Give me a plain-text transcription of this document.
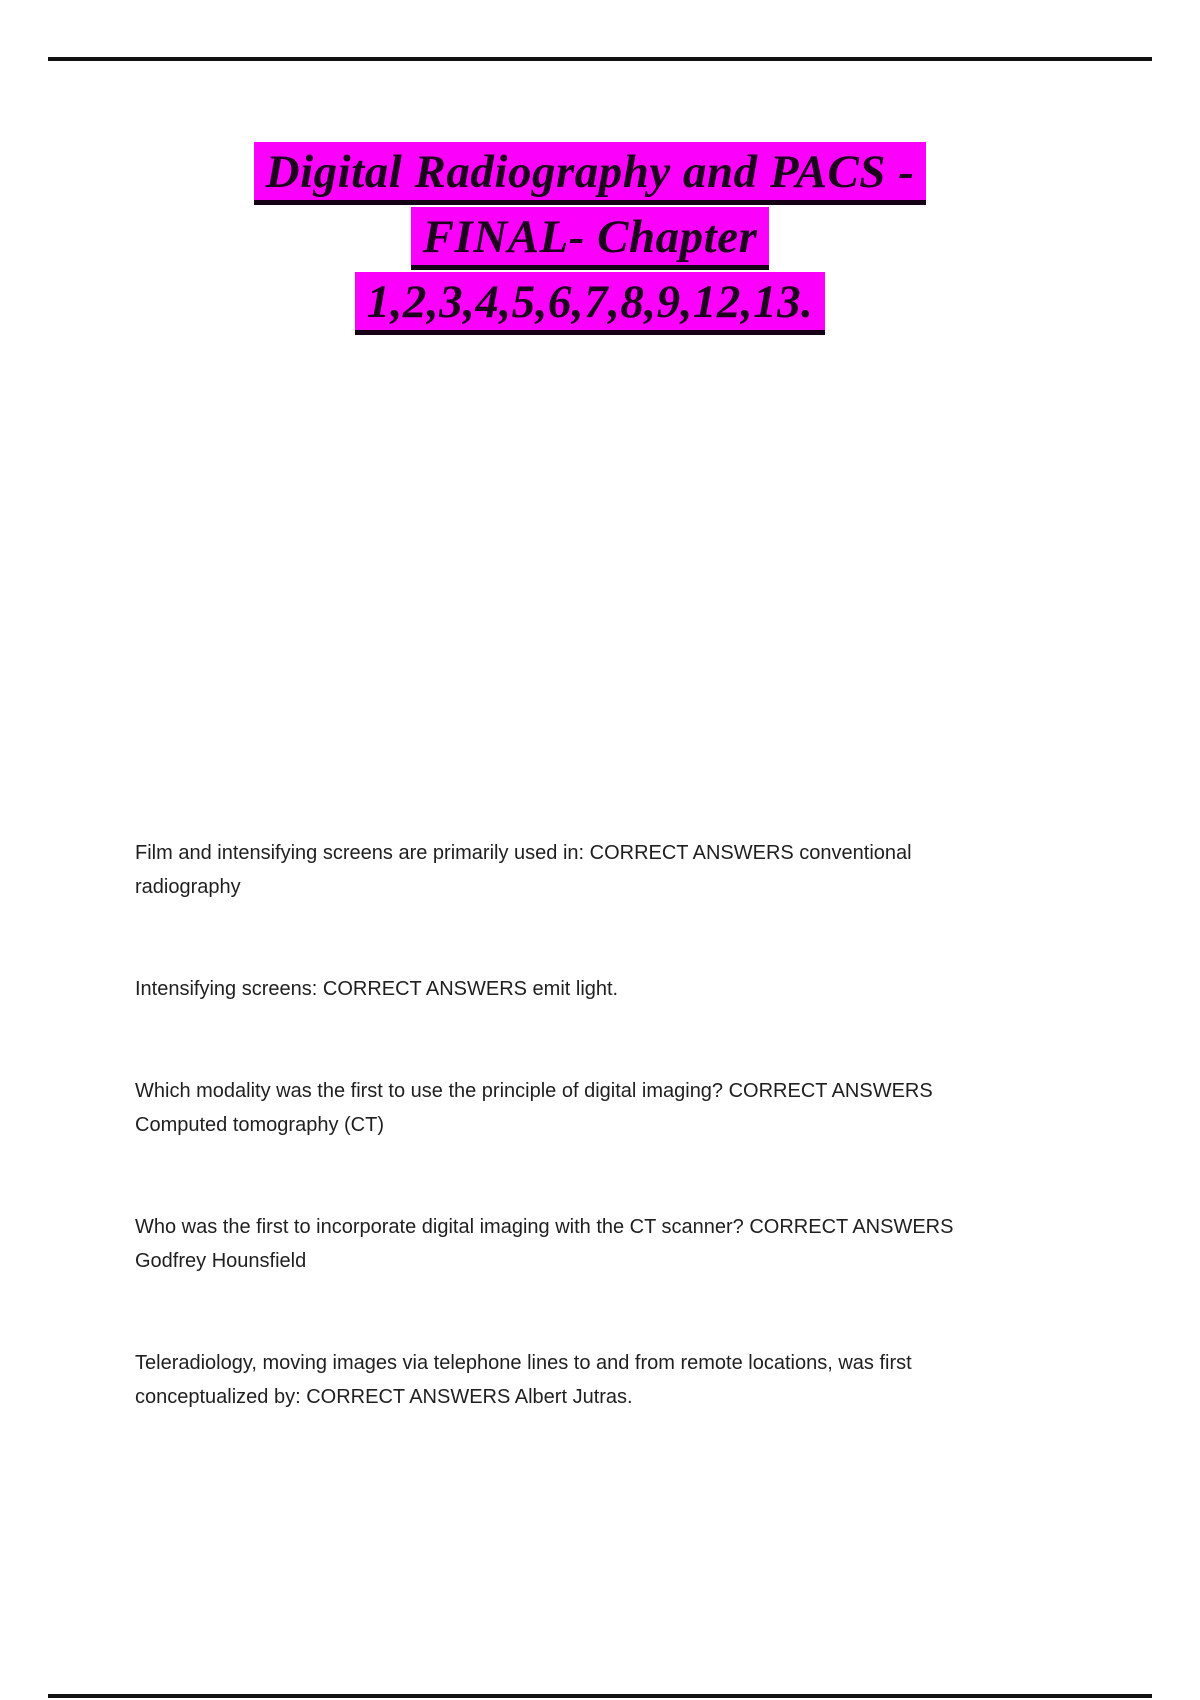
Digital Radiography and PACS -
FINAL- Chapter
1,2,3,4,5,6,7,8,9,12,13.
Film and intensifying screens are primarily used in: CORRECT ANSWERS conventional
radiography
Intensifying screens: CORRECT ANSWERS emit light.
Which modality was the first to use the principle of digital imaging? CORRECT ANSWERS
Computed tomography (CT)
Who was the first to incorporate digital imaging with the CT scanner? CORRECT ANSWERS
Godfrey Hounsfield
Teleradiology, moving images via telephone lines to and from remote locations, was first
conceptualized by: CORRECT ANSWERS Albert Jutras.
